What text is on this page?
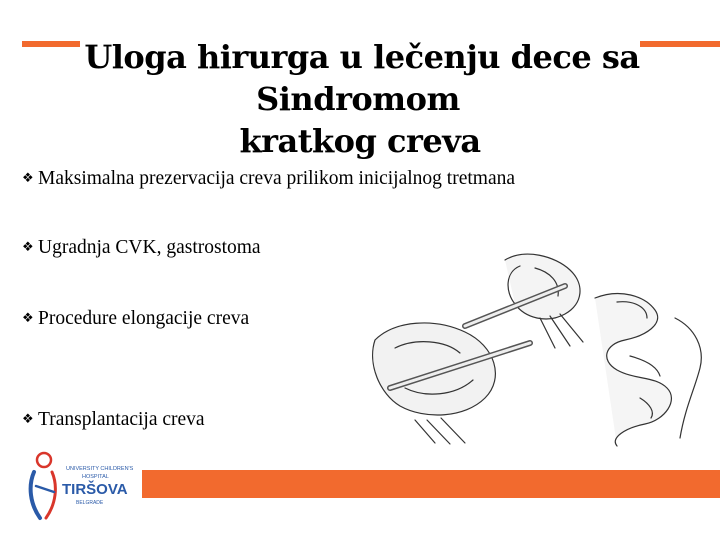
Uloga hirurga u lečenju dece sa Sindromom
kratkog creva
❖ Maksimalna prezervacija creva prilikom inicijalnog tretmana
❖ Ugradnja CVK, gastrostoma
❖ Procedure elongacije creva
❖ Transplantacija creva
UNIVERSITY CHILDREN'S
HOSPITAL
TIRŠOVA
BELGRADE
